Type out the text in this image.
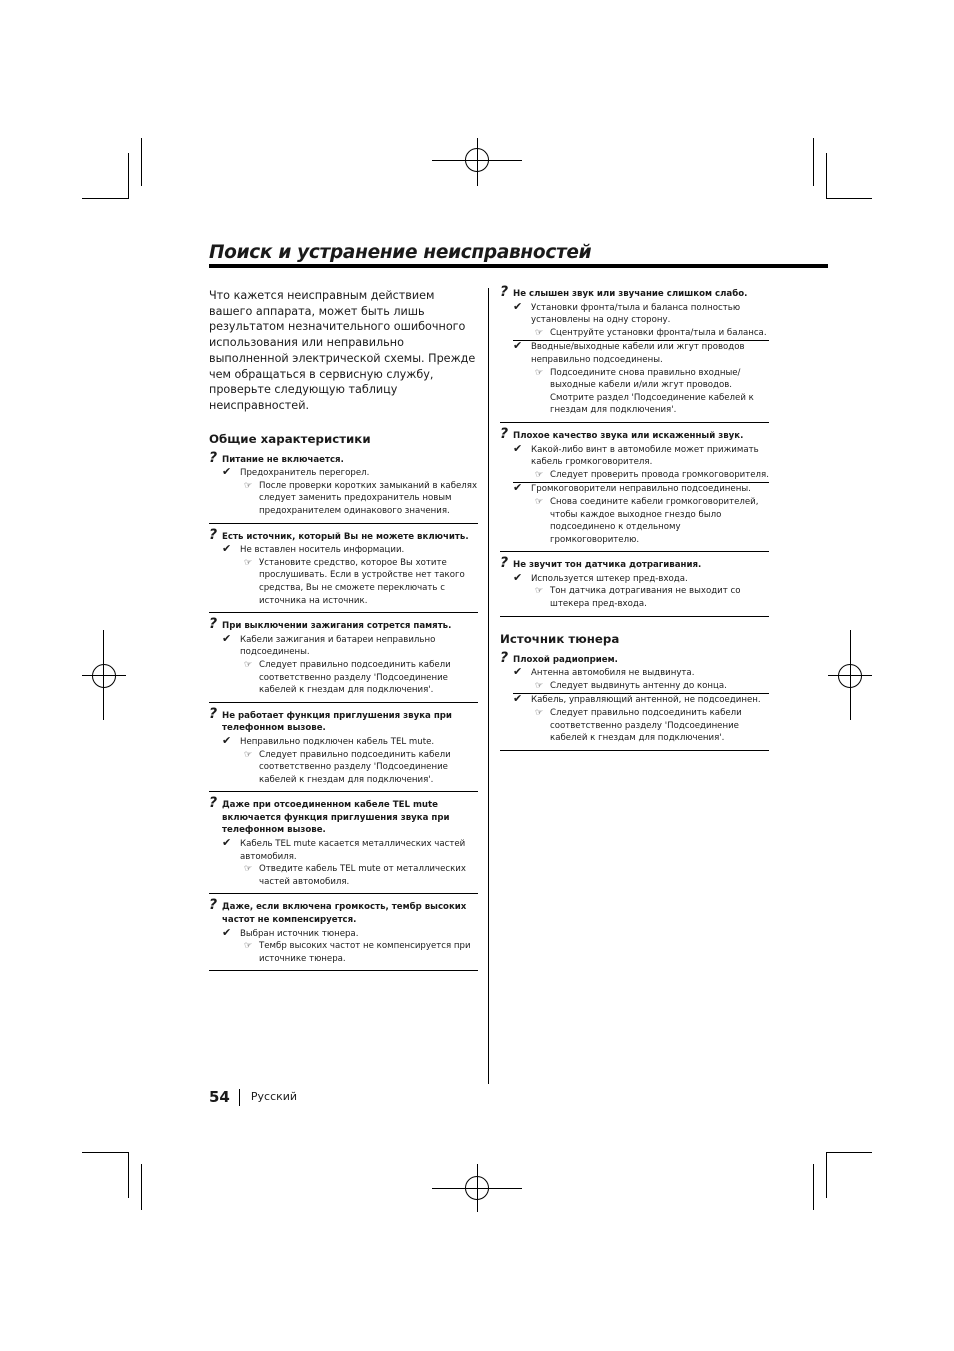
Поиск и устранение неисправностей

Что кажется неисправным действием вашего аппарата, может быть лишь результатом незначительного ошибочного использования или неправильно выполненной электрической схемы. Прежде чем обращаться в сервисную службу, проверьте следующую таблицу неисправностей.

Общие характеристики
? Питание не включается.
✔ Предохранитель перегорел.
☞ После проверки коротких замыканий в кабелях следует заменить предохранитель новым предохранителем одинакового значения.
? Есть источник, который Вы не можете включить.
✔ Не вставлен носитель информации.
☞ Установите средство, которое Вы хотите прослушивать. Если в устройстве нет такого средства, Вы не сможете переключать с источника на источник.
? При выключении зажигания сотрется память.
✔ Кабели зажигания и батареи неправильно подсоединены.
☞ Следует правильно подсоединить кабели соответственно разделу 'Подсоединение кабелей к гнездам для подключения'.
? Не работает функция приглушения звука при телефонном вызове.
✔ Неправильно подключен кабель TEL mute.
☞ Следует правильно подсоединить кабели соответственно разделу 'Подсоединение кабелей к гнездам для подключения'.
? Даже при отсоединенном кабеле TEL mute включается функция приглушения звука при телефонном вызове.
✔ Кабель TEL mute касается металлических частей автомобиля.
☞ Отведите кабель TEL mute от металлических частей автомобиля.
? Даже, если включена громкость, тембр высоких частот не компенсируется.
✔ Выбран источник тюнера.
☞ Тембр высоких частот не компенсируется при источнике тюнера.
? Не слышен звук или звучание слишком слабо.
✔ Установки фронта/тыла и баланса полностью установлены на одну сторону.
☞ Сцентруйте установки фронта/тыла и баланса.
✔ Вводные/выходные кабели или жгут проводов неправильно подсоединены.
☞ Подсоедините снова правильно входные/выходные кабели и/или жгут проводов. Смотрите раздел 'Подсоединение кабелей к гнездам для подключения'.
? Плохое качество звука или искаженный звук.
✔ Какой-либо винт в автомобиле может прижимать кабель громкоговорителя.
☞ Следует проверить провода громкоговорителя.
✔ Громкоговорители неправильно подсоединены.
☞ Снова соедините кабели громкоговорителей, чтобы каждое выходное гнездо было подсоединено к отдельному громкоговорителю.
? Не звучит тон датчика дотрагивания.
✔ Используется штекер пред-входа.
☞ Тон датчика дотрагивания не выходит со штекера пред-входа.
Источник тюнера
? Плохой радиоприем.
✔ Антенна автомобиля не выдвинута.
☞ Следует выдвинуть антенну до конца.
✔ Кабель, управляющий антенной, не подсоединен.
☞ Следует правильно подсоединить кабели соответственно разделу 'Подсоединение кабелей к гнездам для подключения'.
54 Русский
